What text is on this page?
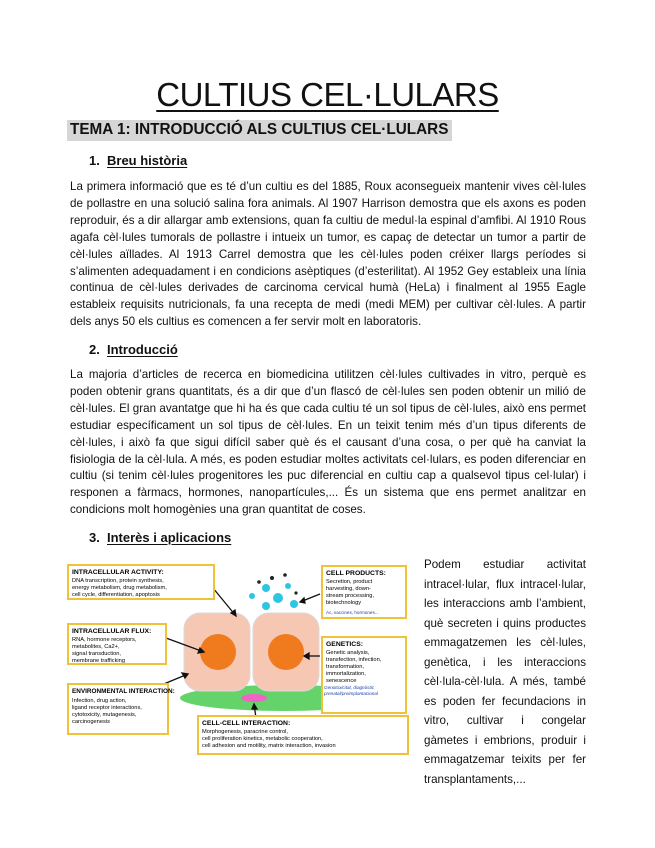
CULTIUS CEL·LULARS
TEMA 1: INTRODUCCIÓ ALS CULTIUS CEL·LULARS
1. Breu història
La primera informació que es té d’un cultiu es del 1885, Roux aconsegueix mantenir vives cèl·lules de pollastre en una solució salina fora animals. Al 1907 Harrison demostra que els axons es poden reproduir, és a dir allargar amb extensions, quan fa cultiu de medul·la espinal d’amfibi. Al 1910 Rous agafa cèl·lules tumorals de pollastre i intueix un tumor, es capaç de detectar un tumor a partir de cèl·lules aïllades. Al 1913 Carrel demostra que les cèl·lules poden créixer llargs períodes si s’alimenten adequadament i en condicions asèptiques (d’esterilitat). Al 1952 Gey estableix una línia continua de cèl·lules derivades de carcinoma cervical humà (HeLa) i finalment al 1955 Eagle estableix requisits nutricionals, fa una recepta de medi (medi MEM) per cultivar cèl·lules. A partir dels anys 50 els cultius es comencen a fer servir molt en laboratoris.
2. Introducció
La majoria d’articles de recerca en biomedicina utilitzen cèl·lules cultivades in vitro, perquè es poden obtenir grans quantitats, és a dir que d’un flascó de cèl·lules sen poden obtenir un milió de cèl·lules. El gran avantatge que hi ha és que cada cultiu té un sol tipus de cèl·lules, això ens permet estudiar específicament un sol tipus de cèl·lules. En un teixit tenim més d’un tipus diferents de cèl·lules, i això fa que sigui difícil saber què és el causant d’una cosa, o per què ha canviat la fisiologia de la cèl·lula. A més, es poden estudiar moltes activitats cel·lulars, es poden diferenciar en cultiu (si tenim cèl·lules progenitores les puc diferencial en cultiu cap a qualsevol tipus cel·lular) i responen a fàrmacs, hormones, nanopartícules,... És un sistema que ens permet analitzar en condicions molt homogènies una gran quantitat de coses.
3. Interès i aplicacions
INTRACELLULAR ACTIVITY:
DNA transcription, protein synthesis,
energy metabolism, drug metabolism,
cell cycle, differentiation, apoptosis
INTRACELLULAR FLUX:
RNA, hormone receptors,
metabolites, Ca2+,
signal transduction,
membrane trafficking
ENVIRONMENTAL INTERACTION:
Infection, drug action,
ligand receptor interactions,
cytotoxicity, mutagenesis,
carcinogenesis
CELL PRODUCTS:
Secretion, product
harvesting, down-
stream processing,
biotechnology
Ac, vaccines, hormones...
GENETICS:
Genetic analysis,
transfection, infection,
transformation,
immortalization,
senescence
Genotoxicitat, diagnòstic prenatal/preimplantacional
CELL-CELL INTERACTION:
Morphogenesis, paracrine control,
cell proliferation kinetics, metabolic cooperation,
cell adhesion and motility, matrix interaction, invasion
Podem estudiar activitat intracel·lular, flux intracel·lular, les interaccions amb l’ambient, què secreten i quins productes emmagatzemen les cèl·lules, genètica, i les interaccions cèl·lula-cèl·lula. A més, també es poden fer fecundacions in vitro, cultivar i congelar gàmetes i embrions, produir i emmagatzemar teixits per fer transplantaments,...
